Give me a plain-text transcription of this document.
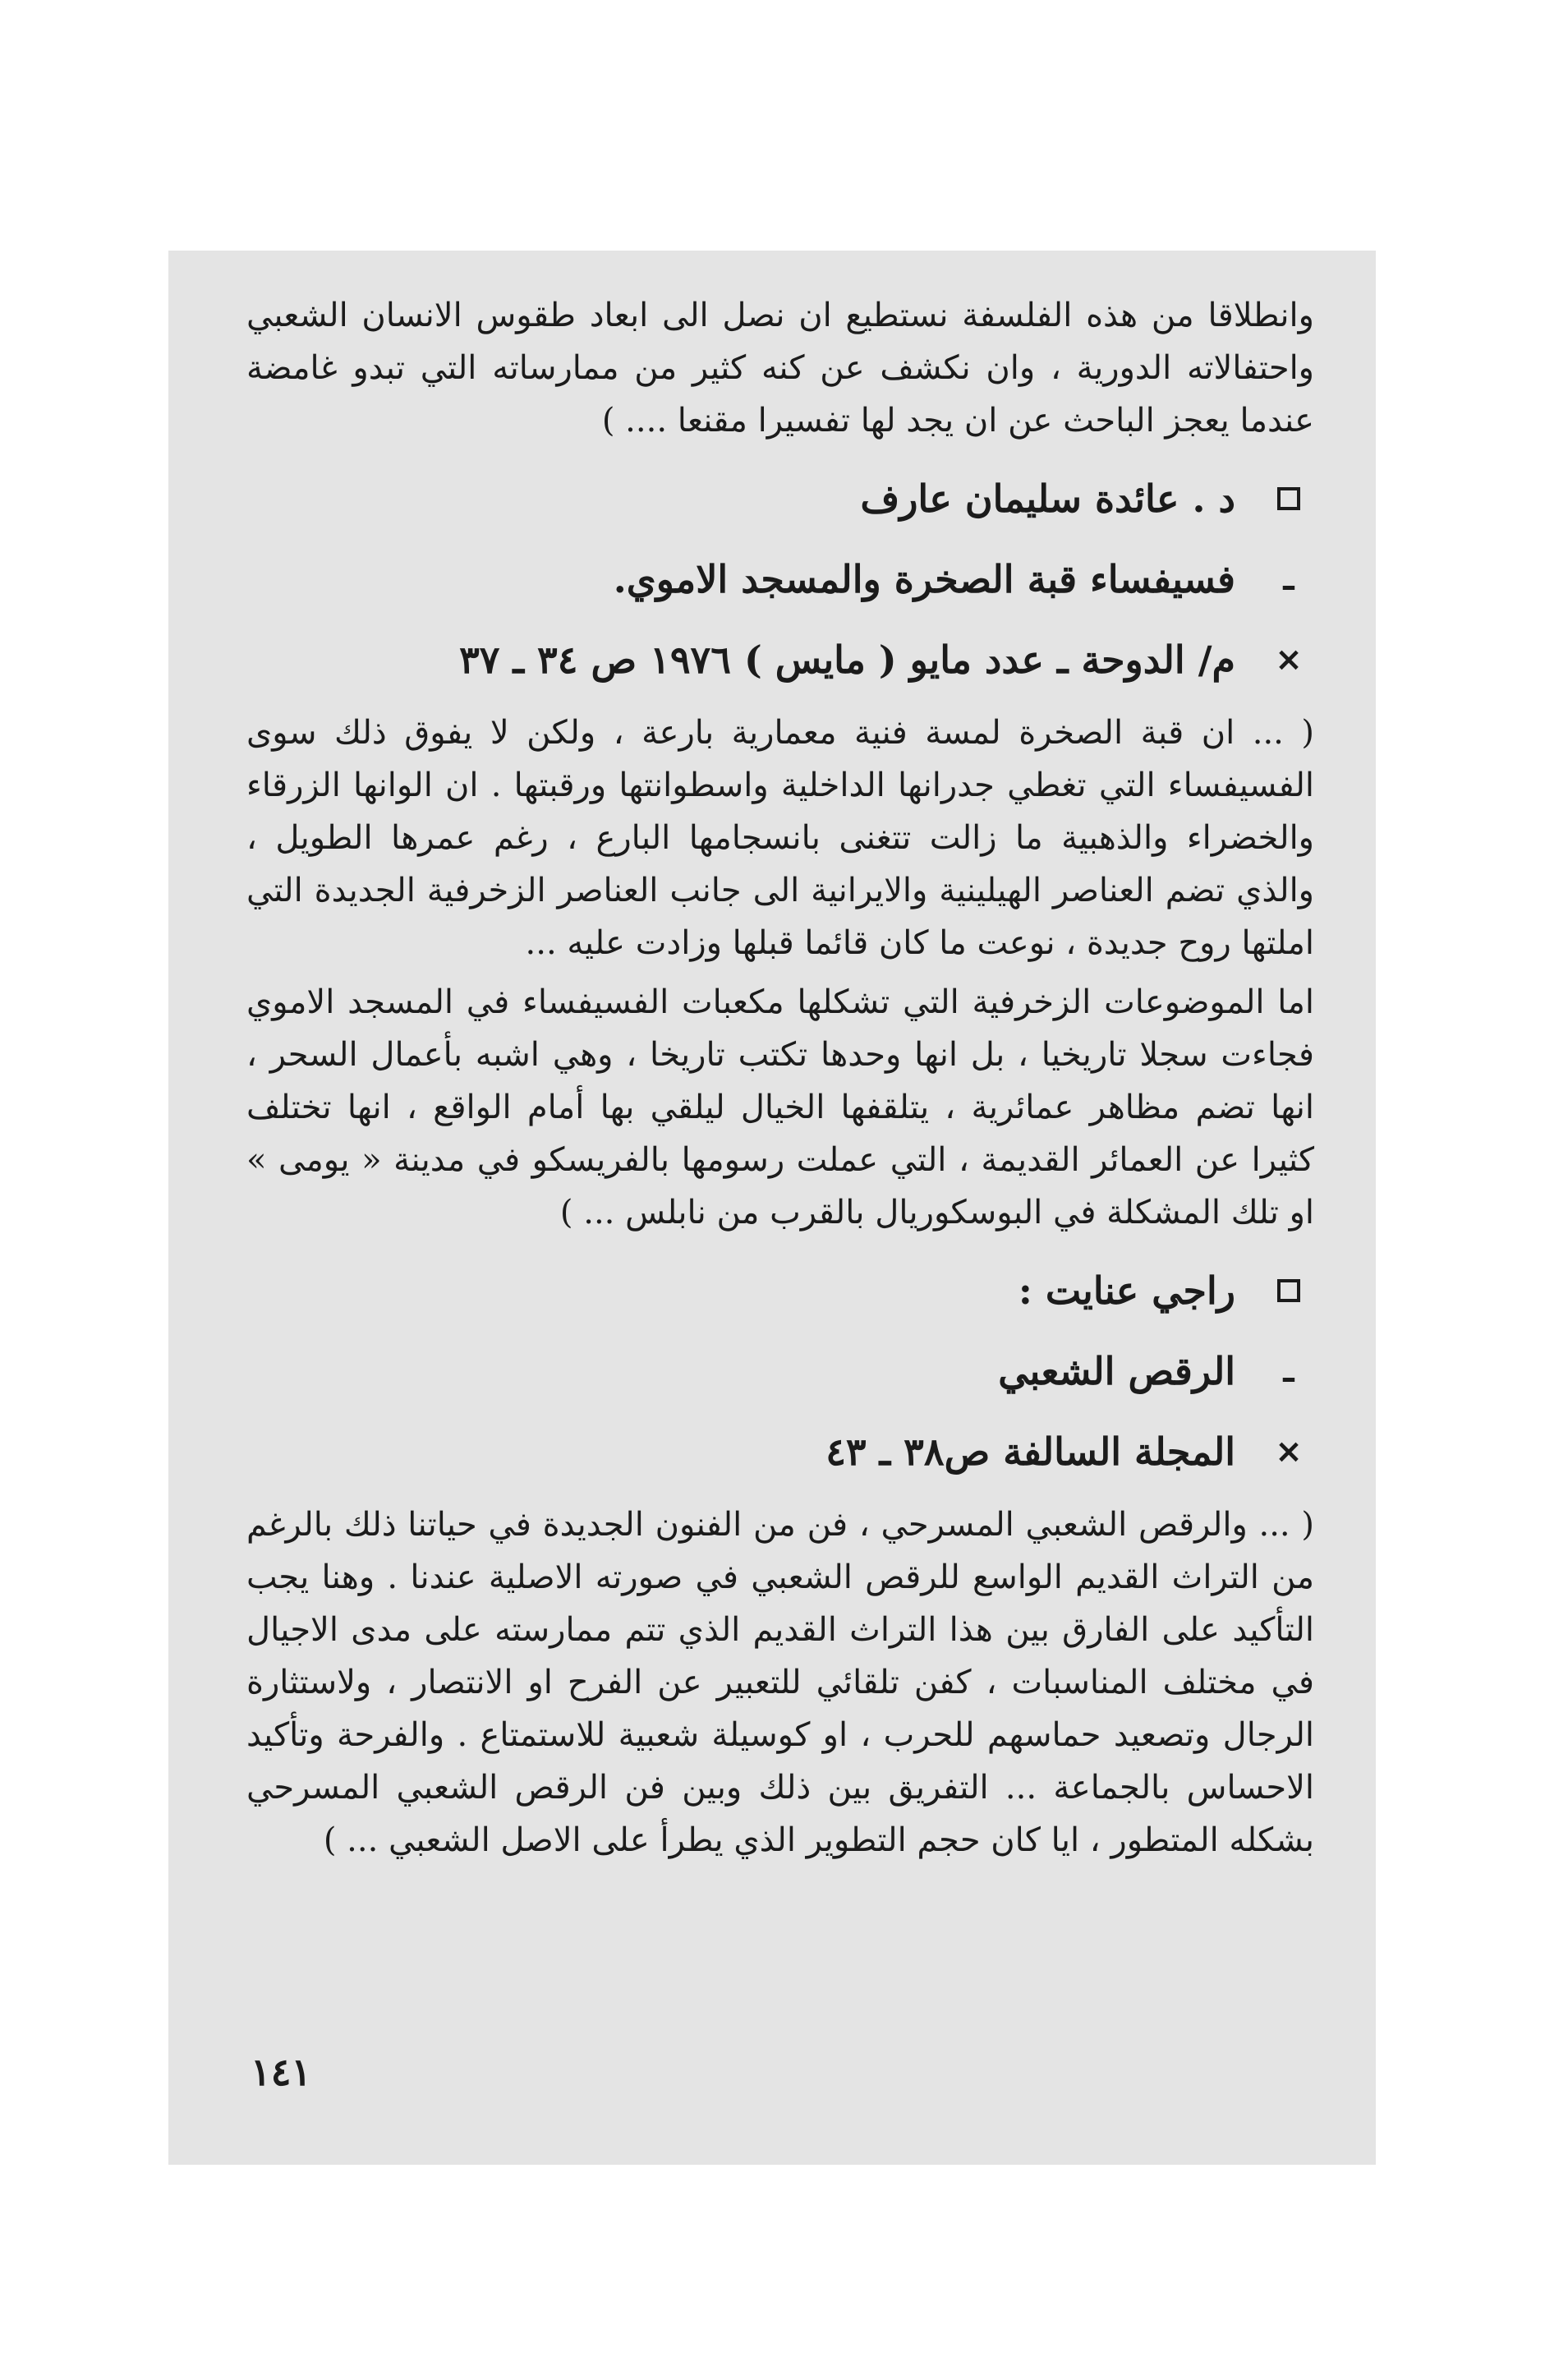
وانطلاقا من هذه الفلسفة نستطيع ان نصل الى ابعاد طقوس الانسان الشعبي واحتفالاته الدورية ، وان نكشف عن كنه كثير من ممارساته التي تبدو غامضة عندما يعجز الباحث عن ان يجد لها تفسيرا مقنعا .... )

د . عائدة سليمان عارف
ـ
فسيفساء قبة الصخرة والمسجد الاموي.
×
م/ الدوحة ـ عدد مايو ( مايس ) ١٩٧٦ ص ٣٤ ـ ٣٧

( ... ان قبة الصخرة لمسة فنية معمارية بارعة ، ولكن لا يفوق ذلك سوى الفسيفساء التي تغطي جدرانها الداخلية واسطوانتها ورقبتها . ان الوانها الزرقاء والخضراء والذهبية ما زالت تتغنى بانسجامها البارع ، رغم عمرها الطويل ، والذي تضم العناصر الهيلينية والايرانية الى جانب العناصر الزخرفية الجديدة التي املتها روح جديدة ، نوعت ما كان قائما قبلها وزادت عليه ...

اما الموضوعات الزخرفية التي تشكلها مكعبات الفسيفساء في المسجد الاموي فجاءت سجلا تاريخيا ، بل انها وحدها تكتب تاريخا ، وهي اشبه بأعمال السحر ، انها تضم مظاهر عمائرية ، يتلقفها الخيال ليلقي بها أمام الواقع ، انها تختلف كثيرا عن العمائر القديمة ، التي عملت رسومها بالفريسكو في مدينة « يومى » او تلك المشكلة في البوسكوريال بالقرب من نابلس ... )

راجي عنايت :
ـ
الرقص الشعبي
×
المجلة السالفة ص٣٨ ـ ٤٣

( ... والرقص الشعبي المسرحي ، فن من الفنون الجديدة في حياتنا ذلك بالرغم من التراث القديم الواسع للرقص الشعبي في صورته الاصلية عندنا . وهنا يجب التأكيد على الفارق بين هذا التراث القديم الذي تتم ممارسته على مدى الاجيال في مختلف المناسبات ، كفن تلقائي للتعبير عن الفرح او الانتصار ، ولاستثارة الرجال وتصعيد حماسهم للحرب ، او كوسيلة شعبية للاستمتاع . والفرحة وتأكيد الاحساس بالجماعة ... التفريق بين ذلك وبين فن الرقص الشعبي المسرحي بشكله المتطور ، ايا كان حجم التطوير الذي يطرأ على الاصل الشعبي ... )

١٤١
